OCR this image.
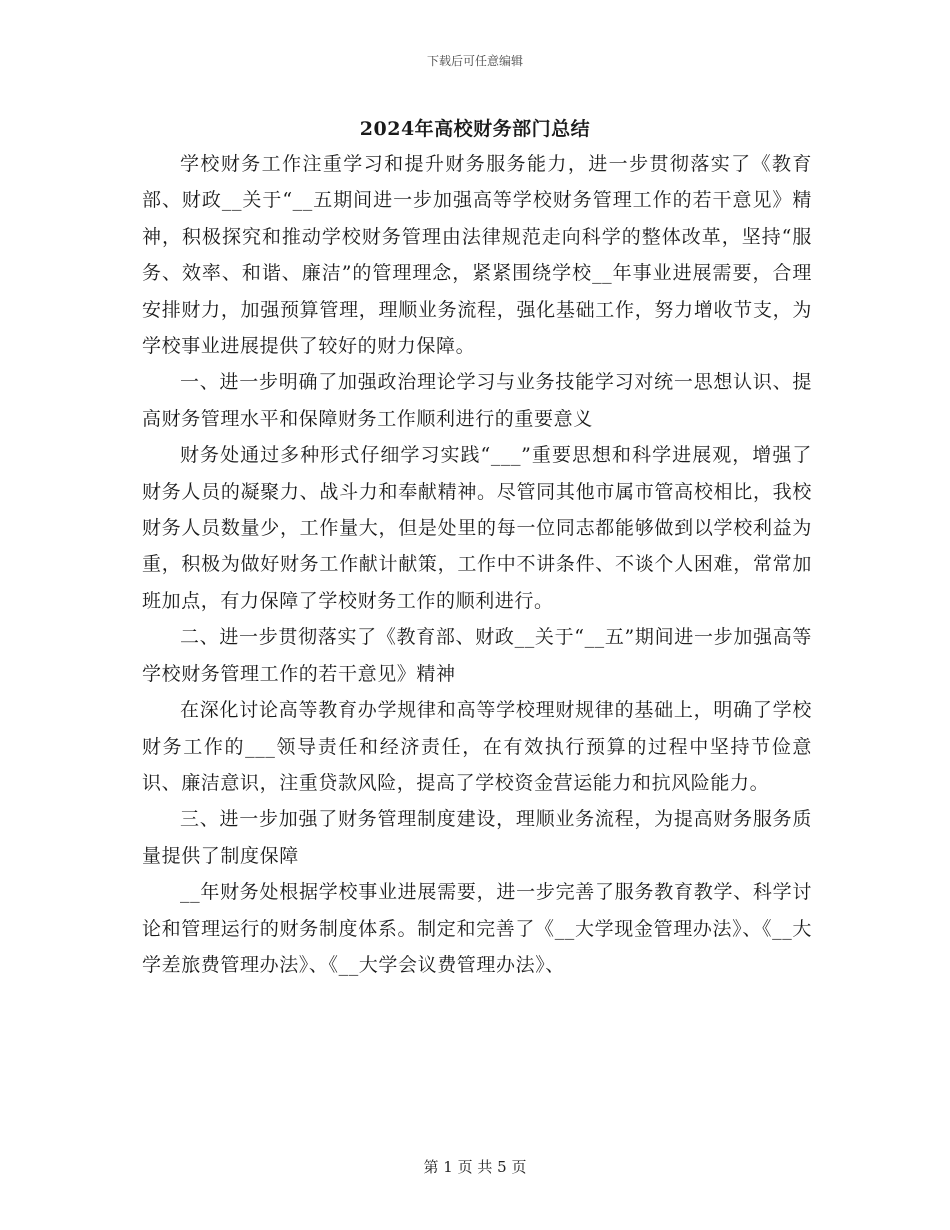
下载后可任意编辑
2024年高校财务部门总结

学校财务工作注重学习和提升财务服务能力，进一步贯彻落实了《教育部、财政__关于“__五期间进一步加强高等学校财务管理工作的若干意见》精神，积极探究和推动学校财务管理由法律规范走向科学的整体改革，坚持“服务、效率、和谐、廉洁”的管理理念，紧紧围绕学校__年事业进展需要，合理安排财力，加强预算管理，理顺业务流程，强化基础工作，努力增收节支，为学校事业进展提供了较好的财力保障。

一、进一步明确了加强政治理论学习与业务技能学习对统一思想认识、提高财务管理水平和保障财务工作顺利进行的重要意义

财务处通过多种形式仔细学习实践“___”重要思想和科学进展观，增强了财务人员的凝聚力、战斗力和奉献精神。尽管同其他市属市管高校相比，我校财务人员数量少，工作量大，但是处里的每一位同志都能够做到以学校利益为重，积极为做好财务工作献计献策，工作中不讲条件、不谈个人困难，常常加班加点，有力保障了学校财务工作的顺利进行。

二、进一步贯彻落实了《教育部、财政__关于“__五”期间进一步加强高等学校财务管理工作的若干意见》精神

在深化讨论高等教育办学规律和高等学校理财规律的基础上，明确了学校财务工作的___领导责任和经济责任，在有效执行预算的过程中坚持节俭意识、廉洁意识，注重贷款风险，提高了学校资金营运能力和抗风险能力。

三、进一步加强了财务管理制度建设，理顺业务流程，为提高财务服务质量提供了制度保障

__年财务处根据学校事业进展需要，进一步完善了服务教育教学、科学讨论和管理运行的财务制度体系。制定和完善了《__大学现金管理办法》、《__大学差旅费管理办法》、《__大学会议费管理办法》、

第 1 页 共 5 页
